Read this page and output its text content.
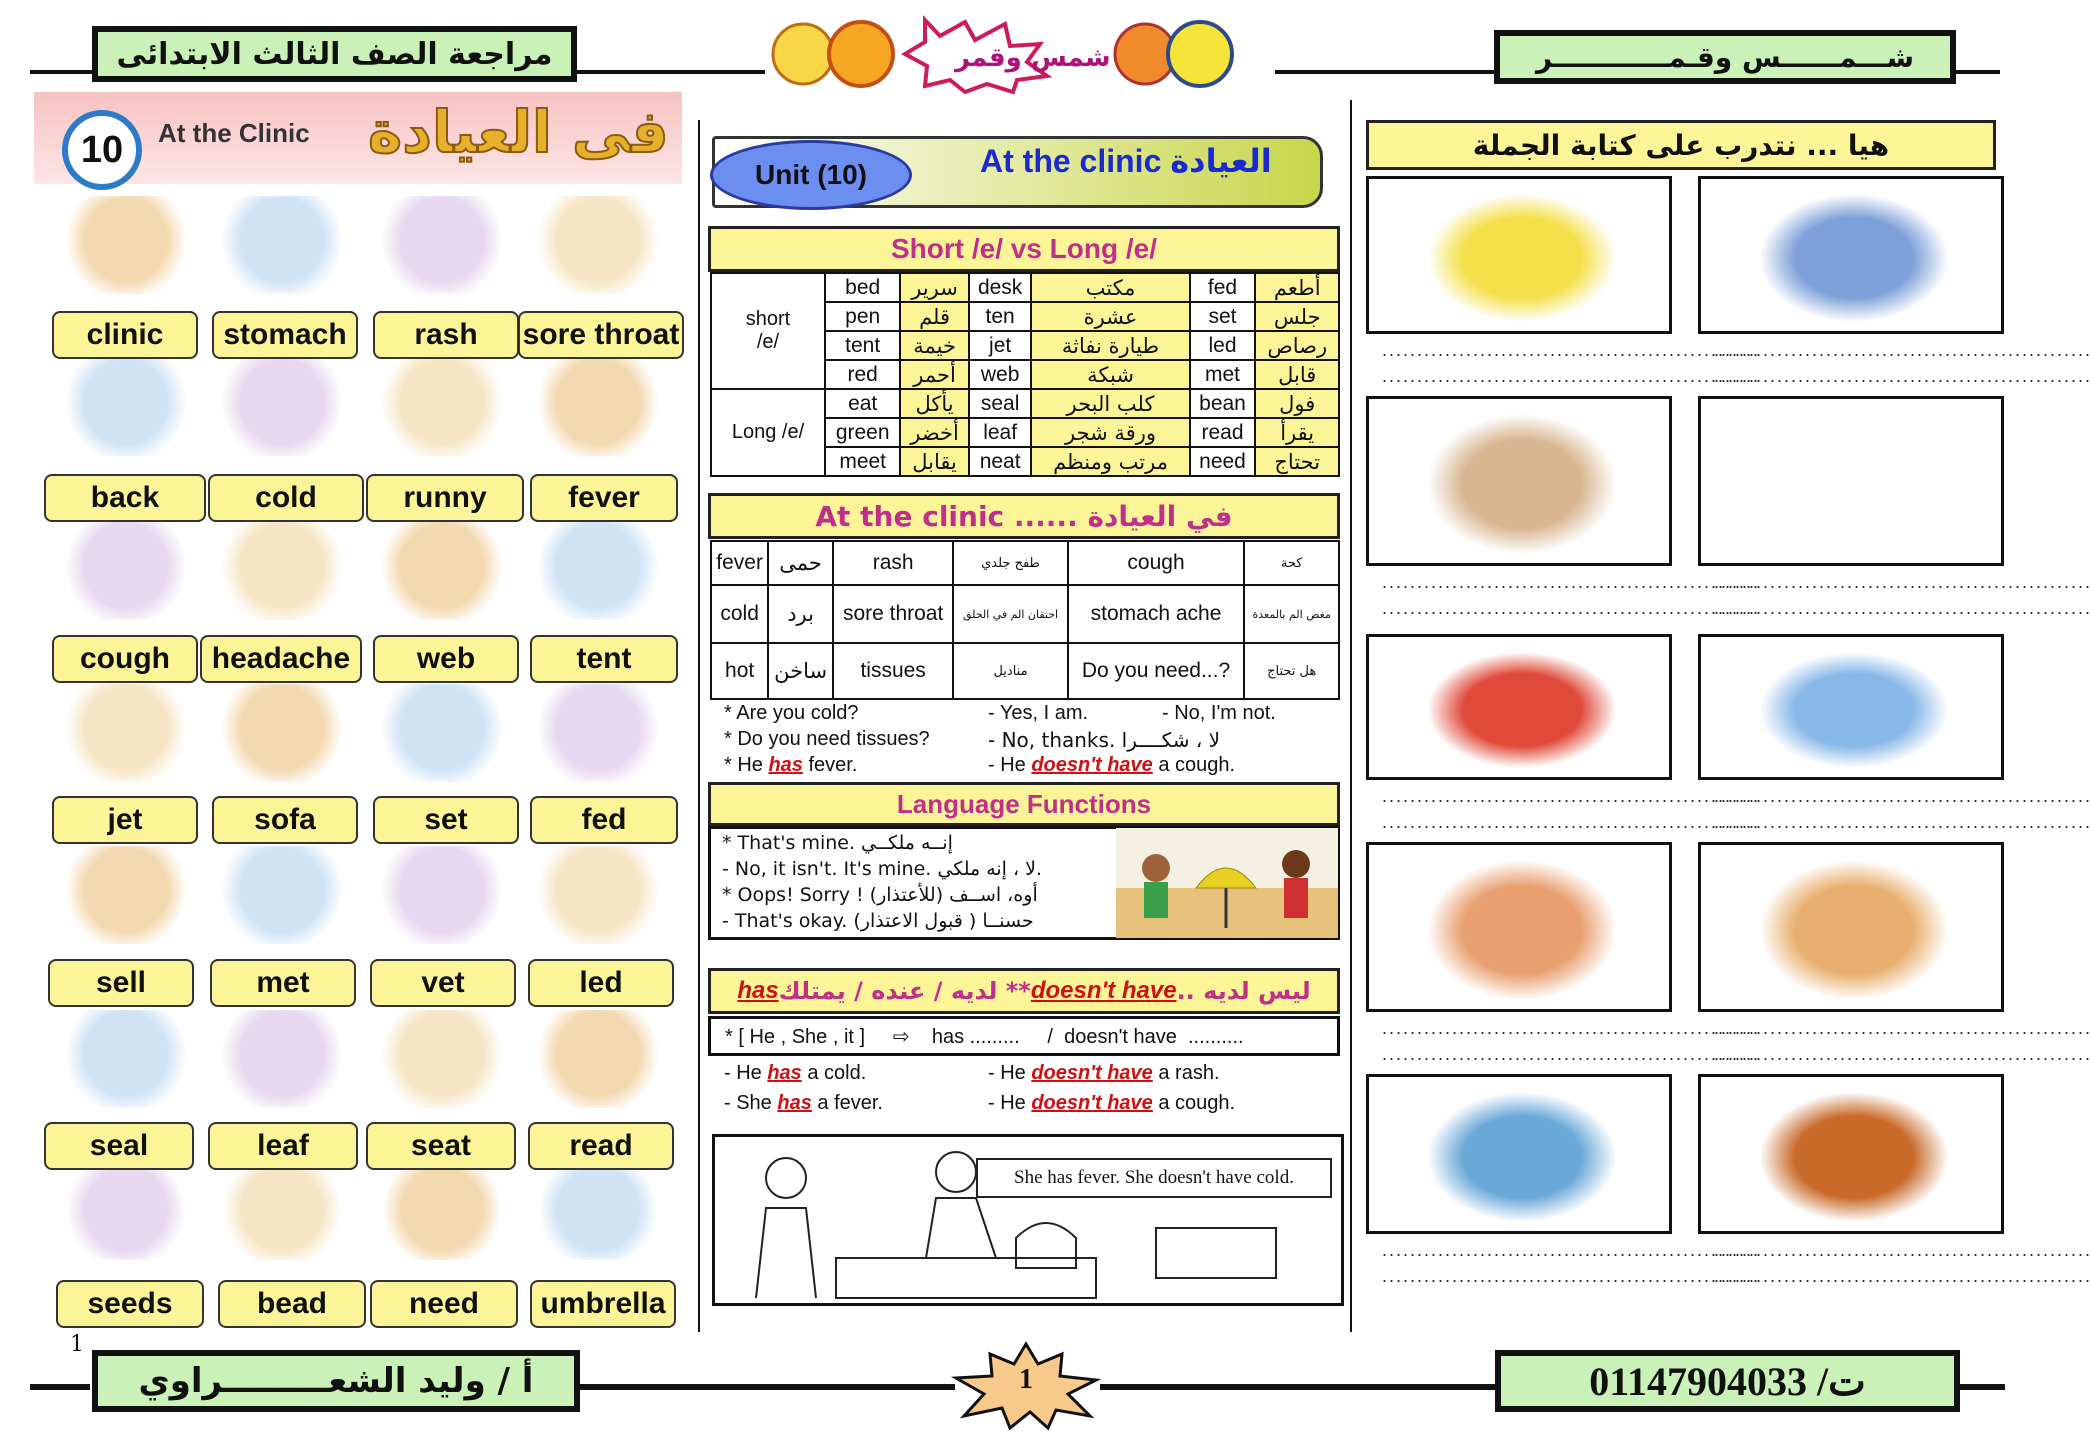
مراجعة الصف الثالث الابتدائى	شـــمــــــس وقـمــــــــــــر
شمس وقمر
10 At the Clinic فى العيادة
clinic	stomach	rash	sore throat
back	cold	runny	fever
cough	headache	web	tent
jet	sofa	set	fed
sell	met	vet	led
seal	leaf	seat	read
seeds	bead	need	umbrella
1
Unit (10)	At the clinic العيادة
Short /e/ vs Long /e/
short
/e/	bed	سرير	desk	مكتب	fed	أطعم
	pen	قلم	ten	عشرة	set	جلس
	tent	خيمة	jet	طيارة نفاثة	led	رصاص
	red	أحمر	web	شبكة	met	قابل
Long /e/	eat	يأكل	seal	كلب البحر	bean	فول
	green	أخضر	leaf	ورقة شجر	read	يقرأ
	meet	يقابل	neat	مرتب ومنظم	need	تحتاج
At the clinic ...... في العيادة
fever	حمى	rash	طفح جلدي	cough	كحة
cold	برد	sore throat	احتقان الم في الحلق	stomach ache	مغص الم بالمعدة
hot	ساخن	tissues	مناديل	Do you need...?	هل تحتاج
* Are you cold?	- Yes, I am.	- No, I'm not.
* Do you need tissues?	- No, thanks. لا ، شكــــرا
* He has fever.	- He doesn't have a cough.
Language Functions
* That's mine. إنــه ملكــي
- No, it isn't. It's mine. لا ، إنه ملكي.
* Oops! Sorry ! أوه، اســف (للأعتذار)
- That's okay. حسنــا ( قبول الاعتذار)
has لديه / عنده / يمتلك ** doesn't have .. ليس لديه
* [ He , She , it ]     ⇨    has .........     /  doesn't have  ..........
- He has a cold.	- He doesn't have a rash.
- She has a fever.	- He doesn't have a cough.
She has fever. She doesn't have cold.
هيا ... نتدرب على كتابة الجملة
......................................................
......................................................
......................................................
......................................................
......................................................
......................................................
......................................................
......................................................
......................................................
......................................................
......................................................
......................................................
......................................................
......................................................
......................................................
......................................................
......................................................
......................................................
......................................................
......................................................
أ / وليد الشعـــــــــراوي	01147904033 /ت
1
